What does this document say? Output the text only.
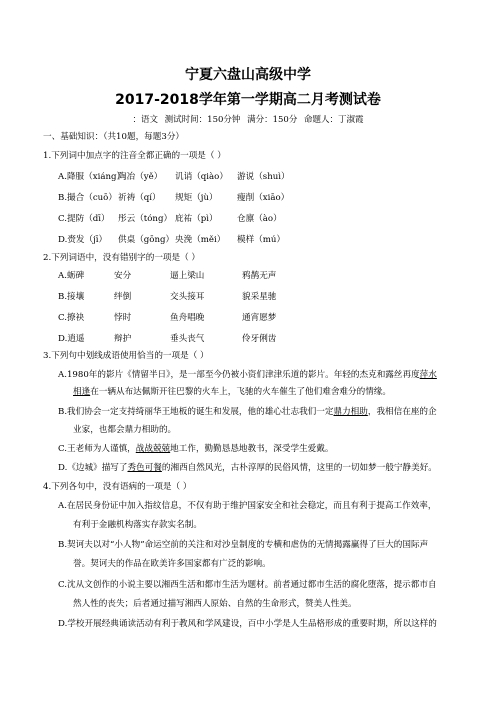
宁夏六盘山高级中学
2017-2018学年第一学期高二月考测试卷
：语文 测试时间：150分钟 满分：150分 命题人：丁淑霞
一、基础知识：（共10题，每题3分）
1.下列词中加点字的注音全都正确的一项是（ ）
A.降服（xiáng）陶冶（yě） 讥诮（qiào） 游说（shuì）
B.撮合（cuō）祈祷（qí） 规矩（jù） 瘦削（xiāo）
C.提防（dī） 彤云（tóng） 庇祐（pì） 仓廪（ào）
D.赍发（jī） 供桌（gōng）央浼（měi） 模样（mú）
2.下列词语中，没有错别字的一项是（ ）
A.蛎碑	安分	逼上梁山	鸦鹊无声
B.接壤	绊倒	交头接耳	貌采星驰
C.撩袂	悖时	鱼舟唱晚	通宵愿梦
D.逍遥	辩护	垂头丧气	伶牙俐齿
3.下列句中划线成语使用恰当的一项是（ ）
A.1980年的影片《情留半日》，是一部至今仍被小资们津津乐道的影片。年轻的杰克和露丝再度萍水
相逢在一辆从布达佩斯开往巴黎的火车上，飞驰的火车催生了他们难舍难分的情缘。
B.我们协会一定支持绮丽华王地板的诞生和发展，他的雄心壮志我们一定鼎力相助，我相信在座的企
业家，也都会鼎力相助的。
C.王老师为人谨慎，战战兢兢地工作，勤勤恳恳地教书，深受学生爱戴。
D.《边城》描写了秀色可餐的湘西自然风光，古朴淳厚的民俗风情，这里的一切如梦一般宁静美好。
4.下列各句中，没有语病的一项是（ ）
A.在居民身份证中加入指纹信息，不仅有助于维护国家安全和社会稳定，而且有利于提高工作效率，
有利于金融机构落实存款实名制。
B.契诃夫以对“小人物”命运空前的关注和对沙皇制度的专横和虐伪的无情揭露赢得了巨大的国际声
誉。契诃夫的作品在欧美许多国家都有广泛的影响。
C.沈从文创作的小说主要以湘西生活和都市生活为题材。前者通过都市生活的腐化堕落，提示都市自
然人性的丧失；后者通过描写湘西人原始、自然的生命形式，赞美人性美。
D.学校开展经典诵读活动有利于教风和学风建设，百中小学是人生品格形成的重要时期，所以这样的
